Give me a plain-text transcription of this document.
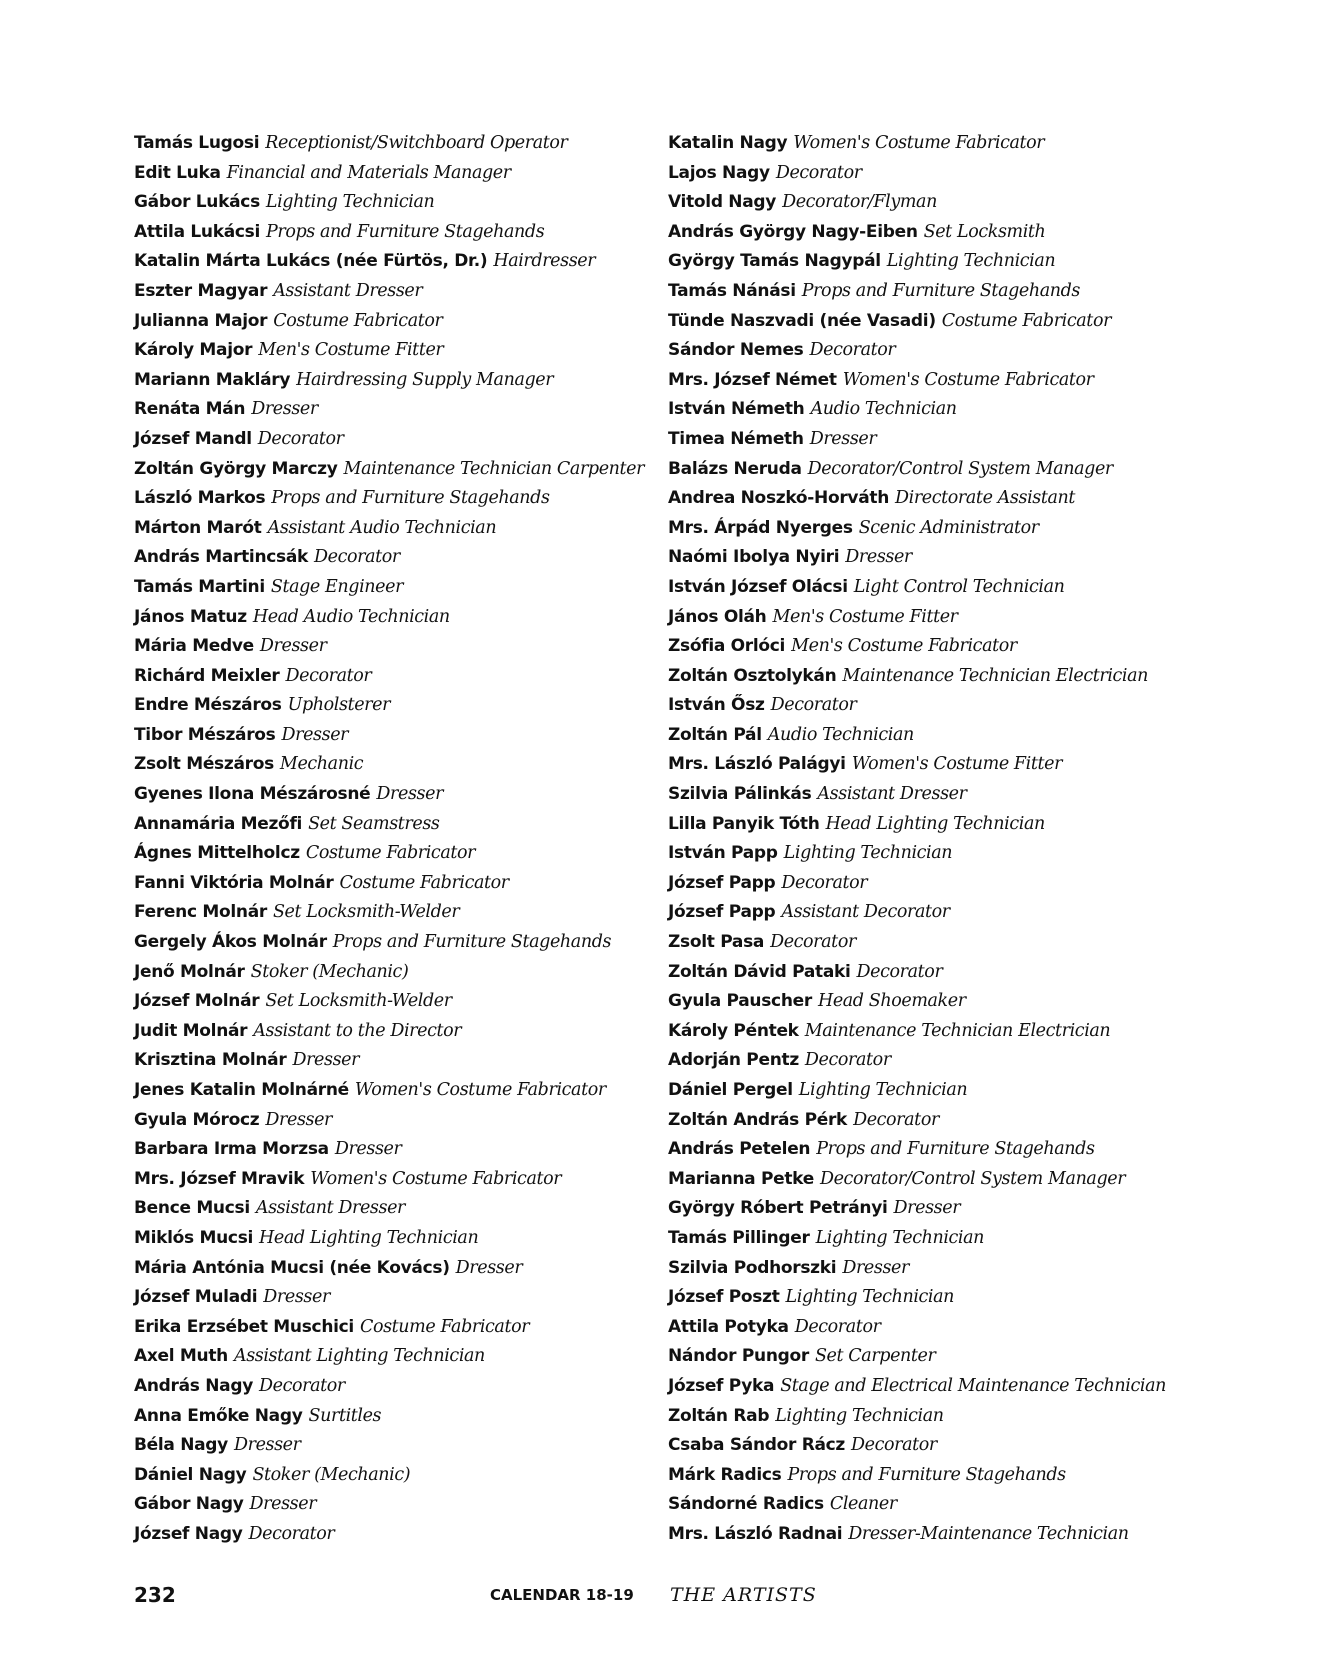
Tamás Lugosi Receptionist/Switchboard Operator
Edit Luka Financial and Materials Manager
Gábor Lukács Lighting Technician
Attila Lukácsi Props and Furniture Stagehands
Katalin Márta Lukács (née Fürtös, Dr.) Hairdresser
Eszter Magyar Assistant Dresser
Julianna Major Costume Fabricator
Károly Major Men's Costume Fitter
Mariann Makláry Hairdressing Supply Manager
Renáta Mán Dresser
József Mandl Decorator
Zoltán György Marczy Maintenance Technician Carpenter
László Markos Props and Furniture Stagehands
Márton Marót Assistant Audio Technician
András Martincsák Decorator
Tamás Martini Stage Engineer
János Matuz Head Audio Technician
Mária Medve Dresser
Richárd Meixler Decorator
Endre Mészáros Upholsterer
Tibor Mészáros Dresser
Zsolt Mészáros Mechanic
Gyenes Ilona Mészárosné Dresser
Annamária Mezőfi Set Seamstress
Ágnes Mittelholcz Costume Fabricator
Fanni Viktória Molnár Costume Fabricator
Ferenc Molnár Set Locksmith-Welder
Gergely Ákos Molnár Props and Furniture Stagehands
Jenő Molnár Stoker (Mechanic)
József Molnár Set Locksmith-Welder
Judit Molnár Assistant to the Director
Krisztina Molnár Dresser
Jenes Katalin Molnárné Women's Costume Fabricator
Gyula Mórocz Dresser
Barbara Irma Morzsa Dresser
Mrs. József Mravik Women's Costume Fabricator
Bence Mucsi Assistant Dresser
Miklós Mucsi Head Lighting Technician
Mária Antónia Mucsi (née Kovács) Dresser
József Muladi Dresser
Erika Erzsébet Muschici Costume Fabricator
Axel Muth Assistant Lighting Technician
András Nagy Decorator
Anna Emőke Nagy Surtitles
Béla Nagy Dresser
Dániel Nagy Stoker (Mechanic)
Gábor Nagy Dresser
József Nagy Decorator
Katalin Nagy Women's Costume Fabricator
Lajos Nagy Decorator
Vitold Nagy Decorator/Flyman
András György Nagy-Eiben Set Locksmith
György Tamás Nagypál Lighting Technician
Tamás Nánási Props and Furniture Stagehands
Tünde Naszvadi (née Vasadi) Costume Fabricator
Sándor Nemes Decorator
Mrs. József Német Women's Costume Fabricator
István Németh Audio Technician
Timea Németh Dresser
Balázs Neruda Decorator/Control System Manager
Andrea Noszkó-Horváth Directorate Assistant
Mrs. Árpád Nyerges Scenic Administrator
Naómi Ibolya Nyiri Dresser
István József Olácsi Light Control Technician
János Oláh Men's Costume Fitter
Zsófia Orlóci Men's Costume Fabricator
Zoltán Osztolykán Maintenance Technician Electrician
István Ősz Decorator
Zoltán Pál Audio Technician
Mrs. László Palágyi Women's Costume Fitter
Szilvia Pálinkás Assistant Dresser
Lilla Panyik Tóth Head Lighting Technician
István Papp Lighting Technician
József Papp Decorator
József Papp Assistant Decorator
Zsolt Pasa Decorator
Zoltán Dávid Pataki Decorator
Gyula Pauscher Head Shoemaker
Károly Péntek Maintenance Technician Electrician
Adorján Pentz Decorator
Dániel Pergel Lighting Technician
Zoltán András Pérk Decorator
András Petelen Props and Furniture Stagehands
Marianna Petke Decorator/Control System Manager
György Róbert Petrányi Dresser
Tamás Pillinger Lighting Technician
Szilvia Podhorszki Dresser
József Poszt Lighting Technician
Attila Potyka Decorator
Nándor Pungor Set Carpenter
József Pyka Stage and Electrical Maintenance Technician
Zoltán Rab Lighting Technician
Csaba Sándor Rácz Decorator
Márk Radics Props and Furniture Stagehands
Sándorné Radics Cleaner
Mrs. László Radnai Dresser-Maintenance Technician
232	CALENDAR 18-19 THE ARTISTS
